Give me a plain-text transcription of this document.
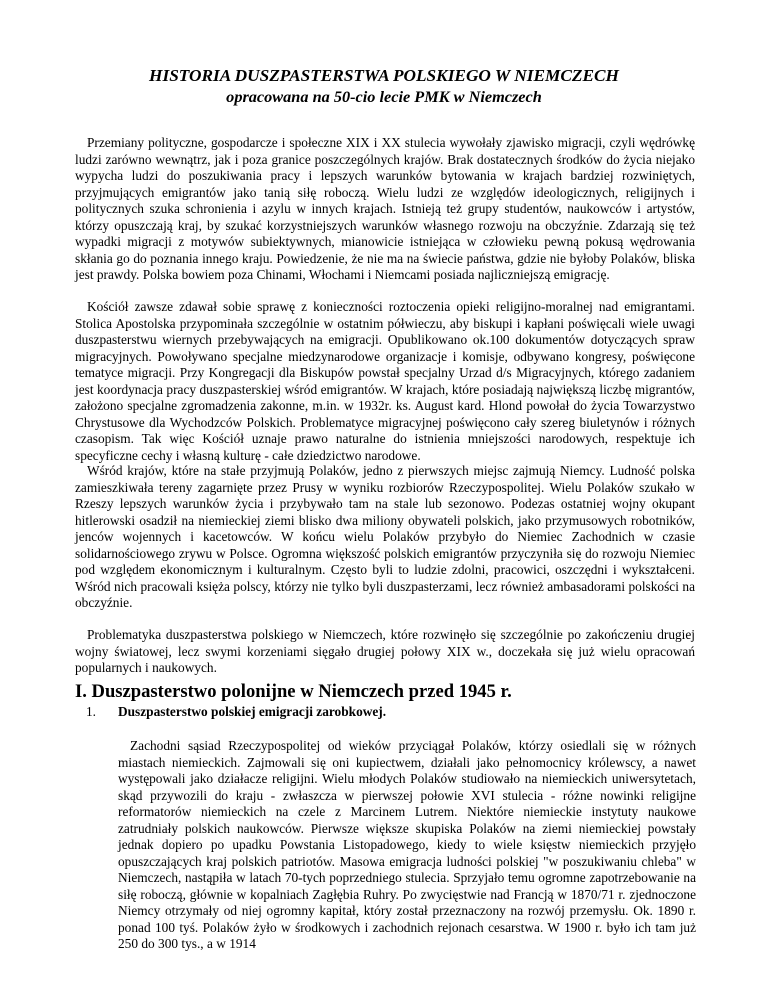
HISTORIA DUSZPASTERSTWA POLSKIEGO W NIEMCZECH
opracowana na 50-cio lecie PMK w Niemczech

Przemiany polityczne, gospodarcze i społeczne XIX i XX stulecia wywołały zjawisko migracji, czyli wędrówkę ludzi zarówno wewnątrz, jak i poza granice poszczególnych krajów. Brak dostatecznych środków do życia niejako wypycha ludzi do poszukiwania pracy i lepszych warunków bytowania w krajach bardziej rozwiniętych, przyjmujących emigrantów jako tanią siłę roboczą. Wielu ludzi ze względów ideologicznych, religijnych i politycznych szuka schronienia i azylu w innych krajach. Istnieją też grupy studentów, naukowców i artystów, którzy opuszczają kraj, by szukać korzystniejszych warunków własnego rozwoju na obczyźnie. Zdarzają się też wypadki migracji z motywów subiektywnych, mianowicie istniejąca w człowieku pewną pokusą wędrowania skłania go do poznania innego kraju. Powiedzenie, że nie ma na świecie państwa, gdzie nie byłoby Polaków, bliska jest prawdy. Polska bowiem poza Chinami, Włochami i Niemcami posiada najliczniejszą emigrację.

Kościół zawsze zdawał sobie sprawę z konieczności roztoczenia opieki religijno-moralnej nad emigrantami. Stolica Apostolska przypominała szczególnie w ostatnim półwieczu, aby biskupi i kapłani poświęcali wiele uwagi duszpasterstwu wiernych przebywających na emigracji. Opublikowano ok.100 dokumentów dotyczących spraw migracyjnych. Powoływano specjalne miedzynarodowe organizacje i komisje, odbywano kongresy, poświęcone tematyce migracji. Przy Kongregacji dla Biskupów powstał specjalny Urzad d/s Migracyjnych, którego zadaniem jest koordynacja pracy duszpasterskiej wśród emigrantów. W krajach, które posiadają największą liczbę migrantów, założono specjalne zgromadzenia zakonne, m.in. w 1932r. ks. August kard. Hlond powołał do życia Towarzystwo Chrystusowe dla Wychodzców Polskich. Problematyce migracyjnej poświęcono cały szereg biuletynów i różnych czasopism. Tak więc Kościół uznaje prawo naturalne do istnienia mniejszości narodowych, respektuje ich specyficzne cechy i własną kulturę - całe dziedzictwo narodowe.

Wśród krajów, które na stałe przyjmują Polaków, jedno z pierwszych miejsc zajmują Niemcy. Ludność polska zamieszkiwała tereny zagarnięte przez Prusy w wyniku rozbiorów Rzeczypospolitej. Wielu Polaków szukało w Rzeszy lepszych warunków życia i przybywało tam na stale lub sezonowo. Podezas ostatniej wojny okupant hitlerowski osadził na niemieckiej ziemi blisko dwa miliony obywateli polskich, jako przymusowych robotników, jenców wojennych i kacetowców. W końcu wielu Polaków przybyło do Niemiec Zachodnich w czasie solidarnościowego zrywu w Polsce. Ogromna większość polskich emigrantów przyczyniła się do rozwoju Niemiec pod względem ekonomicznym i kulturalnym. Często byli to ludzie zdolni, pracowici, oszczędni i wykształceni. Wśród nich pracowali księża polscy, którzy nie tylko byli duszpasterzami, lecz również ambasadorami polskości na obczyźnie.

Problematyka duszpasterstwa polskiego w Niemczech, które rozwinęło się szczególnie po zakończeniu drugiej wojny światowej, lecz swymi korzeniami sięgało drugiej połowy XIX w., doczekała się już wielu opracowań popularnych i naukowych.

I. Duszpasterstwo polonijne w Niemczech przed 1945 r.
1. Duszpasterstwo polskiej emigracji zarobkowej.

Zachodni sąsiad Rzeczypospolitej od wieków przyciągał Polaków, którzy osiedlali się w różnych miastach niemieckich. Zajmowali się oni kupiectwem, działali jako pełnomocnicy królewscy, a nawet występowali jako działacze religijni. Wielu młodych Polaków studiowało na niemieckich uniwersytetach, skąd przywozili do kraju - zwłaszcza w pierwszej połowie XVI stulecia - różne nowinki religijne reformatorów niemieckich na czele z Marcinem Lutrem. Niektóre niemieckie instytuty naukowe zatrudniały polskich naukowców. Pierwsze większe skupiska Polaków na ziemi niemieckiej powstały jednak dopiero po upadku Powstania Listopadowego, kiedy to wiele księstw niemieckich przyjęło opuszczających kraj polskich patriotów. Masowa emigracja ludności polskiej "w poszukiwaniu chleba" w Niemczech, nastąpiła w latach 70-tych poprzedniego stulecia. Sprzyjało temu ogromne zapotrzebowanie na siłę roboczą, głównie w kopalniach Zagłębia Ruhry. Po zwycięstwie nad Francją w 1870/71 r. zjednoczone Niemcy otrzymały od niej ogromny kapitał, który został przeznaczony na rozwój przemysłu. Ok. 1890 r. ponad 100 tyś. Polaków żyło w środkowych i zachodnich rejonach cesarstwa. W 1900 r. było ich tam już 250 do 300 tys., a w 1914
